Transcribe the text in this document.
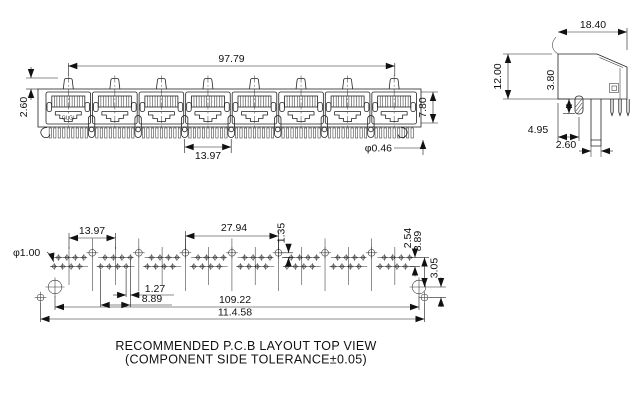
GLGI
97.79
2.60
13.97
φ0.46
7.80
18.40
12.00	3.80
4.95
2.60
φ1.00
13.97	27.94	1.35
1.27
8.89	109.22
11.4.58
2.54
8.89
3.05
RECOMMENDED P.C.B LAYOUT TOP VIEW
(COMPONENT SIDE TOLERANCE±0.05)
